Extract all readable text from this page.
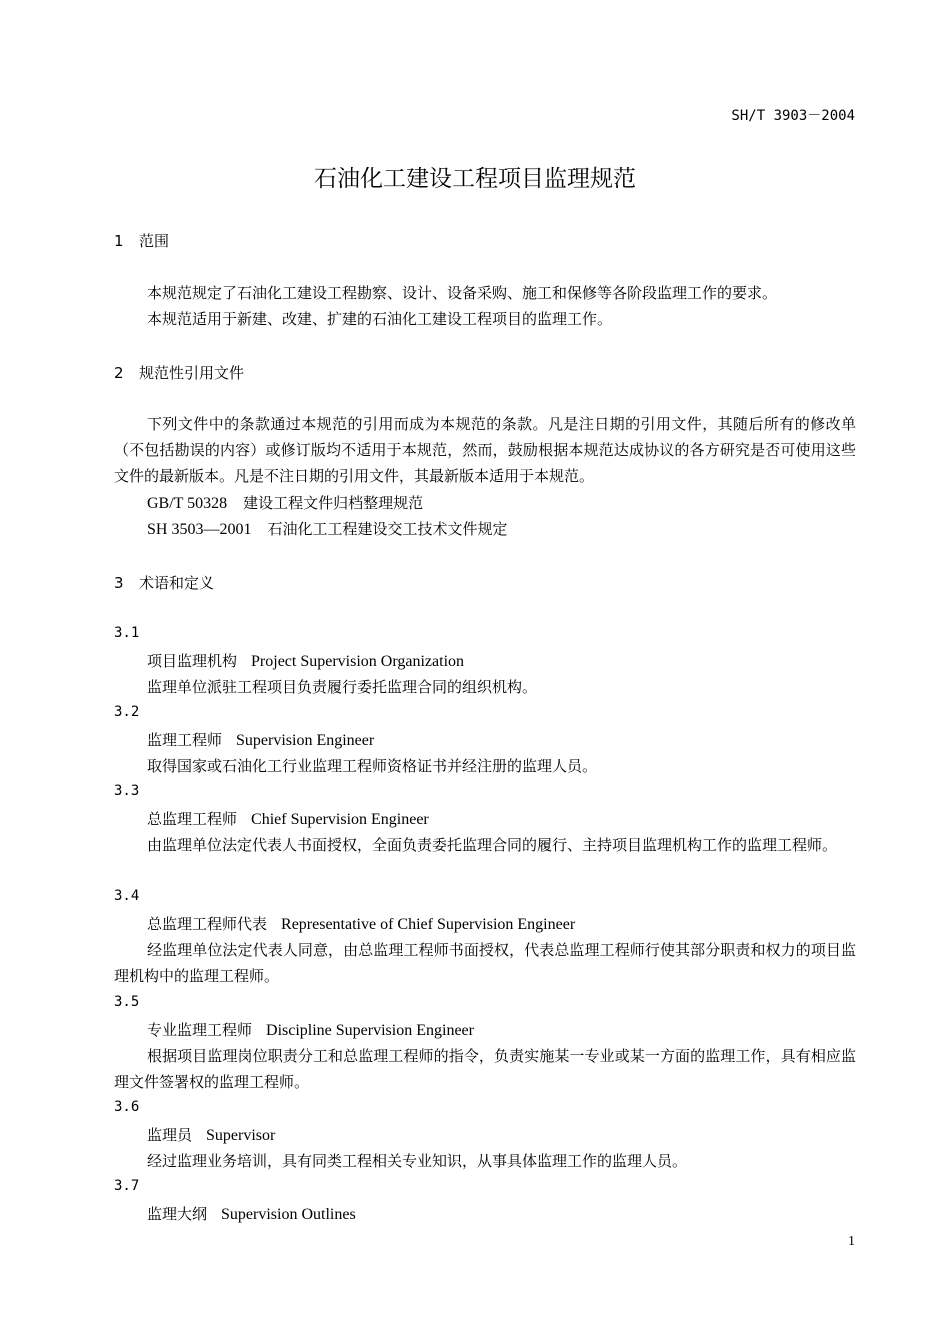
SH/T 3903－2004
石油化工建设工程项目监理规范
1 范围
本规范规定了石油化工建设工程勘察、设计、设备采购、施工和保修等各阶段监理工作的要求。
本规范适用于新建、改建、扩建的石油化工建设工程项目的监理工作。
2 规范性引用文件
下列文件中的条款通过本规范的引用而成为本规范的条款。凡是注日期的引用文件，其随后所有的修改单（不包括勘误的内容）或修订版均不适用于本规范，然而，鼓励根据本规范达成协议的各方研究是否可使用这些文件的最新版本。凡是不注日期的引用文件，其最新版本适用于本规范。
GB/T 50328 建设工程文件归档整理规范
SH 3503—2001 石油化工工程建设交工技术文件规定
3 术语和定义
3.1
项目监理机构 Project Supervision Organization
监理单位派驻工程项目负责履行委托监理合同的组织机构。
3.2
监理工程师 Supervision Engineer
取得国家或石油化工行业监理工程师资格证书并经注册的监理人员。
3.3
总监理工程师 Chief Supervision Engineer
由监理单位法定代表人书面授权，全面负责委托监理合同的履行、主持项目监理机构工作的监理工程师。
3.4
总监理工程师代表 Representative of Chief Supervision Engineer
经监理单位法定代表人同意，由总监理工程师书面授权，代表总监理工程师行使其部分职责和权力的项目监理机构中的监理工程师。
3.5
专业监理工程师 Discipline Supervision Engineer
根据项目监理岗位职责分工和总监理工程师的指令，负责实施某一专业或某一方面的监理工作，具有相应监理文件签署权的监理工程师。
3.6
监理员 Supervisor
经过监理业务培训，具有同类工程相关专业知识，从事具体监理工作的监理人员。
3.7
监理大纲 Supervision Outlines
1
